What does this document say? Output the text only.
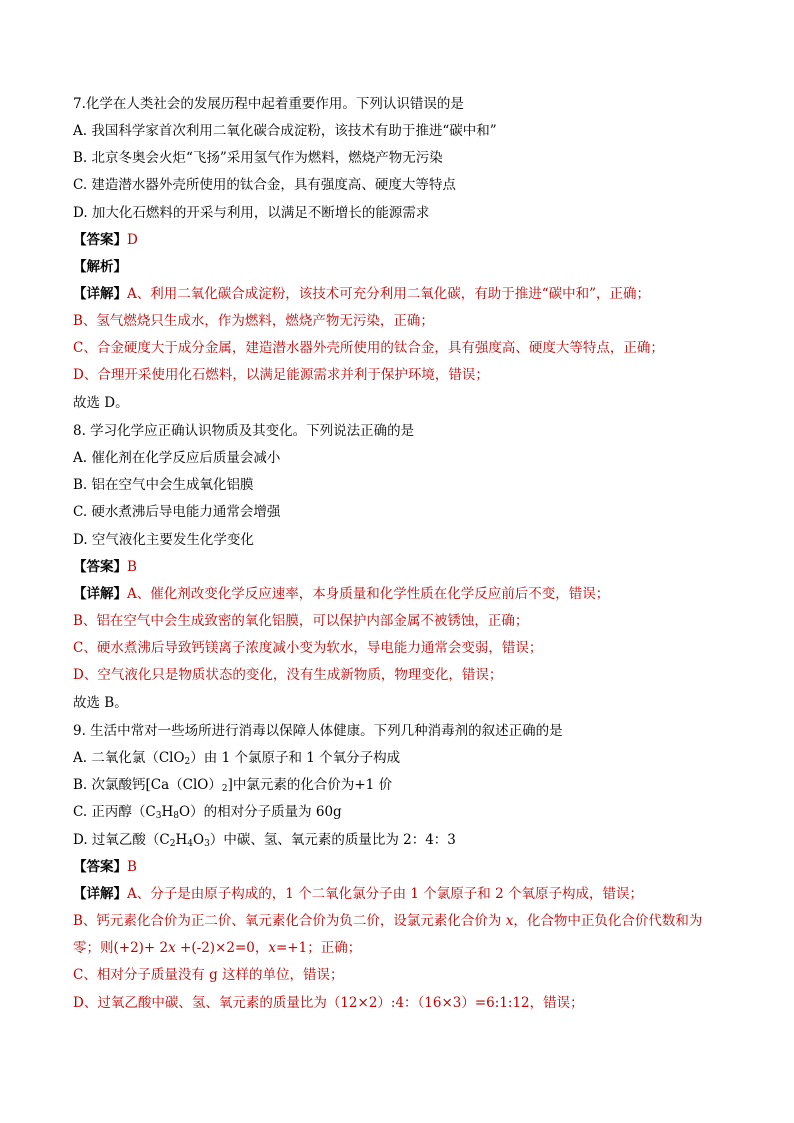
7.化学在人类社会的发展历程中起着重要作用。下列认识错误的是
A. 我国科学家首次利用二氧化碳合成淀粉，该技术有助于推进“碳中和”
B. 北京冬奥会火炬“飞扬”采用氢气作为燃料，燃烧产物无污染
C. 建造潜水器外壳所使用的钛合金，具有强度高、硬度大等特点
D. 加大化石燃料的开采与利用，以满足不断增长的能源需求
【答案】D
【解析】
【详解】A、利用二氧化碳合成淀粉，该技术可充分利用二氧化碳，有助于推进“碳中和”，正确；
B、氢气燃烧只生成水，作为燃料，燃烧产物无污染，正确；
C、合金硬度大于成分金属，建造潜水器外壳所使用的钛合金，具有强度高、硬度大等特点，正确；
D、合理开采使用化石燃料，以满足能源需求并利于保护环境，错误；
故选 D。
8. 学习化学应正确认识物质及其变化。下列说法正确的是
A. 催化剂在化学反应后质量会减小
B. 铝在空气中会生成氧化铝膜
C. 硬水煮沸后导电能力通常会增强
D. 空气液化主要发生化学变化
【答案】B
【详解】A、催化剂改变化学反应速率，本身质量和化学性质在化学反应前后不变，错误；
B、铝在空气中会生成致密的氧化铝膜，可以保护内部金属不被锈蚀，正确；
C、硬水煮沸后导致钙镁离子浓度减小变为软水，导电能力通常会变弱，错误；
D、空气液化只是物质状态的变化，没有生成新物质，物理变化，错误；
故选 B。
9. 生活中常对一些场所进行消毒以保障人体健康。下列几种消毒剂的叙述正确的是
A. 二氧化氯（ClO$_2$）由 1 个氯原子和 1 个氧分子构成
B. 次氯酸钙$[Ca(ClO)_2]$中氯元素的化合价为+1 价
C. 正丙醇$(C_3H_8O)$的相对分子质量为 60g
D. 过氧乙酸$(C_2H_4O_3)$中碳、氢、氧元素的质量比为 2：4：3
【答案】B
【详解】A、分子是由原子构成的，1 个二氧化氯分子由 1 个氯原子和 2 个氧原子构成，错误；
B、钙元素化合价为正二价、氧元素化合价为负二价，设氯元素化合价为 x，化合物中正负化合价代数和为
零；则(+2)+ 2x +(-2)×2=0，x=+1；正确；
C、相对分子质量没有 g 这样的单位，错误；
D、过氧乙酸中碳、氢、氧元素的质量比为（12×2）:4：（16×3）=6:1:12，错误；
